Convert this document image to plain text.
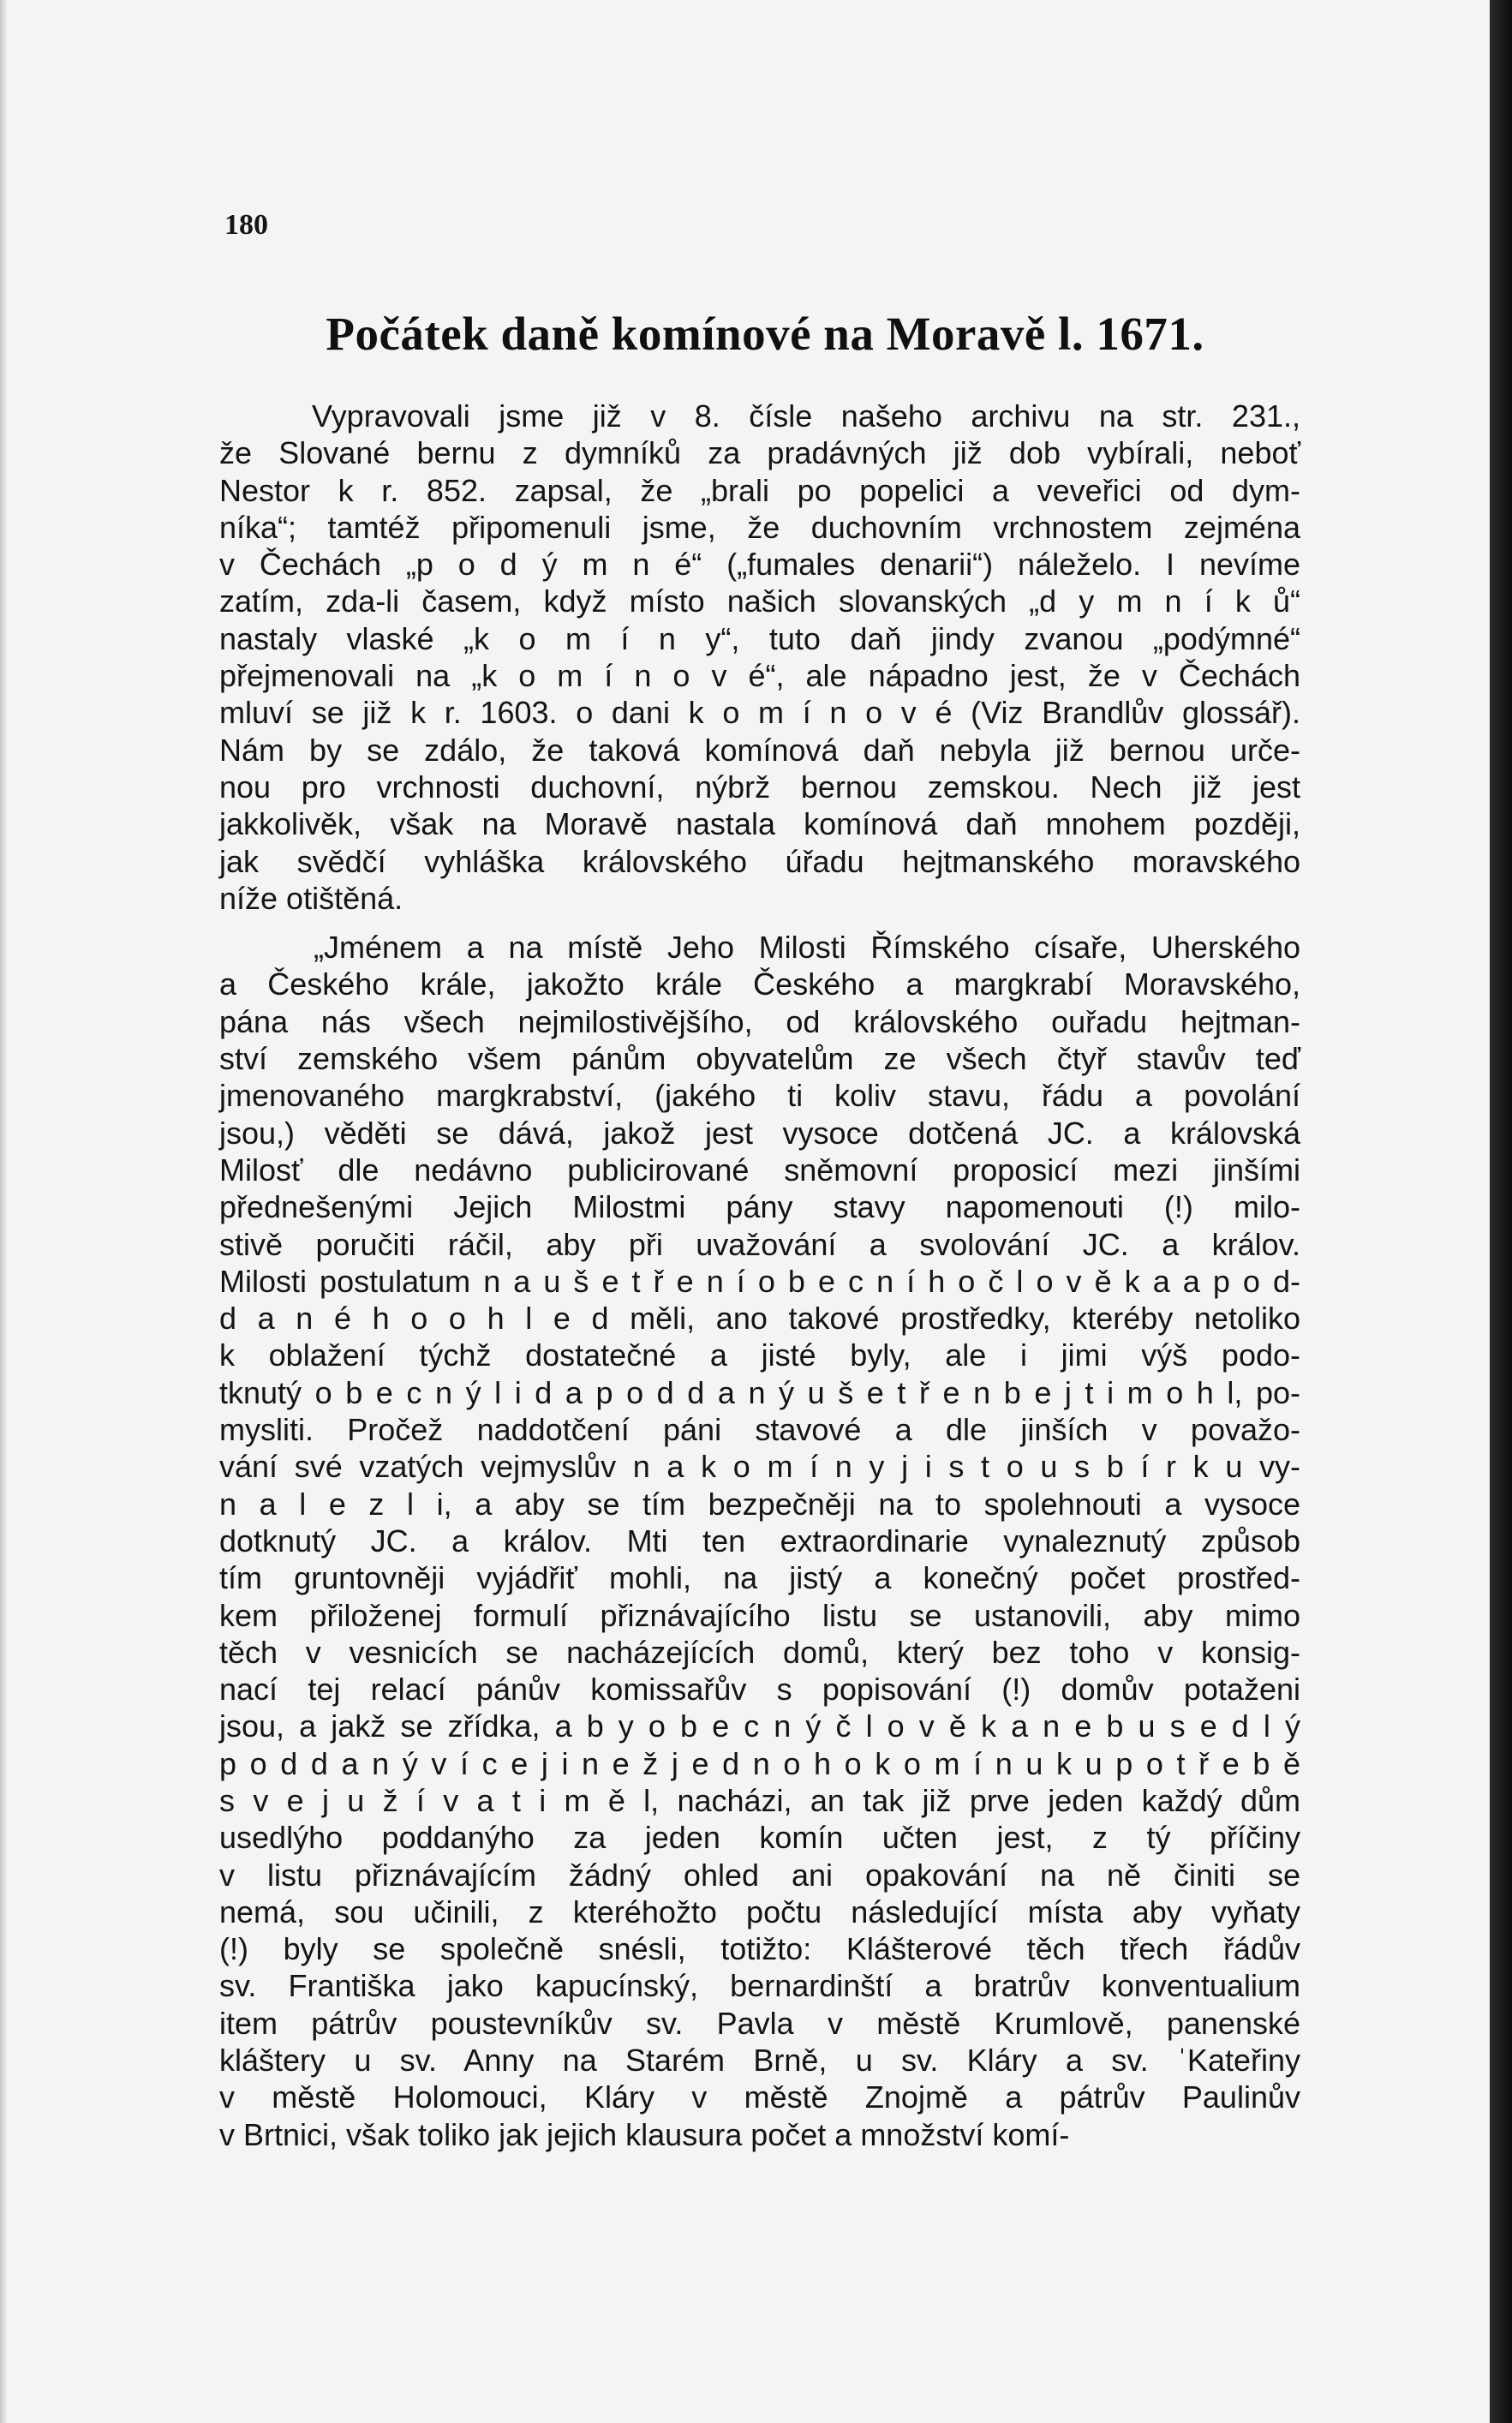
180
Počátek daně komínové na Moravě l. 1671.
Vypravovali jsme již v 8. čísle našeho archivu na str. 231.,
že Slované bernu z dymníků za pradávných již dob vybírali, neboť
Nestor k r. 852. zapsal, že „brali po popelici a veveřici od dym-
níka“; tamtéž připomenuli jsme, že duchovním vrchnostem zejména
v Čechách „p o d ý m n é“ („fumales denarii“) náleželo. I nevíme
zatím, zda-li časem, když místo našich slovanských „d y m n í k ů“
nastaly vlaské „k o m í n y“, tuto daň jindy zvanou „podýmné“
přejmenovali na „k o m í n o v é“, ale nápadno jest, že v Čechách
mluví se již k r. 1603. o dani k o m í n o v é (Viz Brandlův glossář).
Nám by se zdálo, že taková komínová daň nebyla již bernou urče-
nou pro vrchnosti duchovní, nýbrž bernou zemskou. Nech již jest
jakkolivěk, však na Moravě nastala komínová daň mnohem později,
jak svědčí vyhláška královského úřadu hejtmanského moravského
níže otištěná.
„Jménem a na místě Jeho Milosti Římského císaře, Uherského
a Českého krále, jakožto krále Českého a margkrabí Moravského,
pána nás všech nejmilostivějšího, od královského ouřadu hejtman-
ství zemského všem pánům obyvatelům ze všech čtyř stavův teď
jmenovaného margkrabství, (jakého ti koliv stavu, řádu a povolání
jsou,) věděti se dává, jakož jest vysoce dotčená JC. a královská
Milosť dle nedávno publicirované sněmovní proposicí mezi jinšími
přednešenými Jejich Milostmi pány stavy napomenouti (!) milo-
stivě poručiti ráčil, aby při uvažování a svolování JC. a králov.
Milosti postulatum n a u š e t ř e n í o b e c n í h o č l o v ě k a a p o d-
d a n é h o o h l e d měli, ano takové prostředky, kteréby netoliko
k oblažení týchž dostatečné a jisté byly, ale i jimi výš podo-
tknutý o b e c n ý l i d a p o d d a n ý u š e t ř e n b e j t i m o h l, po-
mysliti. Pročež naddotčení páni stavové a dle jinších v považo-
vání své vzatých vejmyslův n a k o m í n y j i s t o u s b í r k u vy-
n a l e z l i, a aby se tím bezpečněji na to spolehnouti a vysoce
dotknutý JC. a králov. Mti ten extraordinarie vynaleznutý způsob
tím gruntovněji vyjádřiť mohli, na jistý a konečný počet prostřed-
kem přiloženej formulí přiznávajícího listu se ustanovili, aby mimo
těch v vesnicích se nacházejících domů, který bez toho v konsig-
nací tej relací pánův komissařův s popisování (!) domův potaženi
jsou, a jakž se zřídka, a b y o b e c n ý č l o v ě k a n e b u s e d l ý
p o d d a n ý v í c e j i n e ž j e d n o h o k o m í n u k u p o t ř e b ě
s v e j u ž í v a t i m ě l, nacházi, an tak již prve jeden každý dům
usedlýho poddanýho za jeden komín učten jest, z tý příčiny
v listu přiznávajícím žádný ohled ani opakování na ně činiti se
nemá, sou učinili, z kteréhožto počtu následující místa aby vyňaty
(!) byly se společně snésli, totižto: Klášterové těch třech řádův
sv. Františka jako kapucínský, bernardinští a bratrův konventualium
item pátrův poustevníkův sv. Pavla v městě Krumlově, panenské
kláštery u sv. Anny na Starém Brně, u sv. Kláry a sv. ˈKateřiny
v městě Holomouci, Kláry v městě Znojmě a pátrův Paulinův
v Brtnici, však toliko jak jejich klausura počet a množství komí-
